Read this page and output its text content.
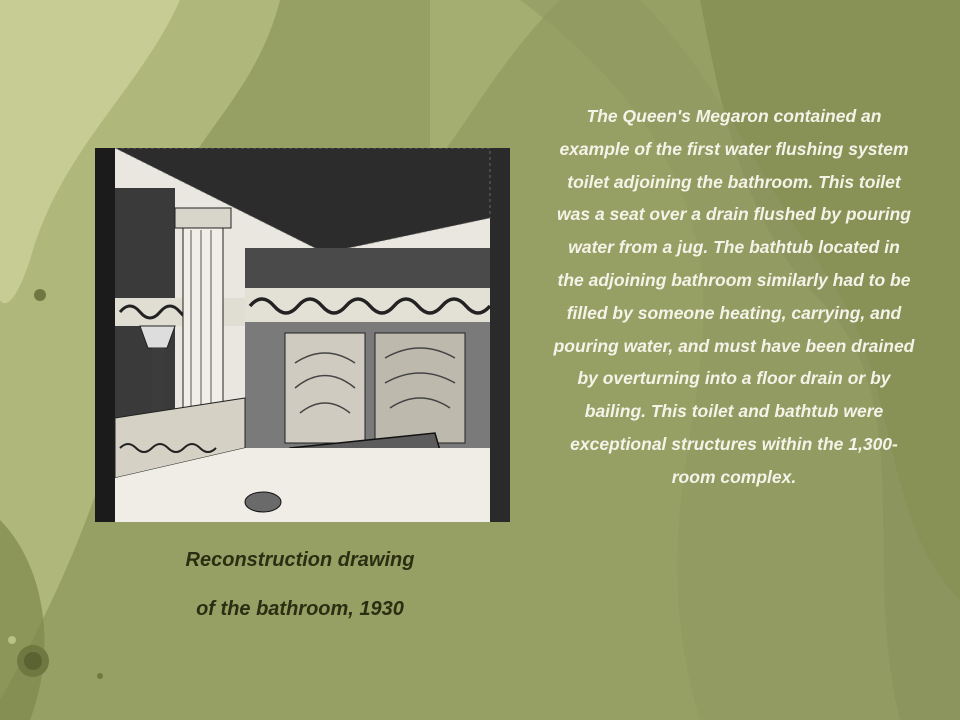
Reconstruction drawing
of the bathroom, 1930
The Queen's Megaron contained an example of the first water flushing system toilet adjoining the bathroom. This toilet was a seat over a drain flushed by pouring water from a jug. The bathtub located in the adjoining bathroom similarly had to be filled by someone heating, carrying, and pouring water, and must have been drained by overturning into a floor drain or by bailing. This toilet and bathtub were exceptional structures within the 1,300-room complex.
